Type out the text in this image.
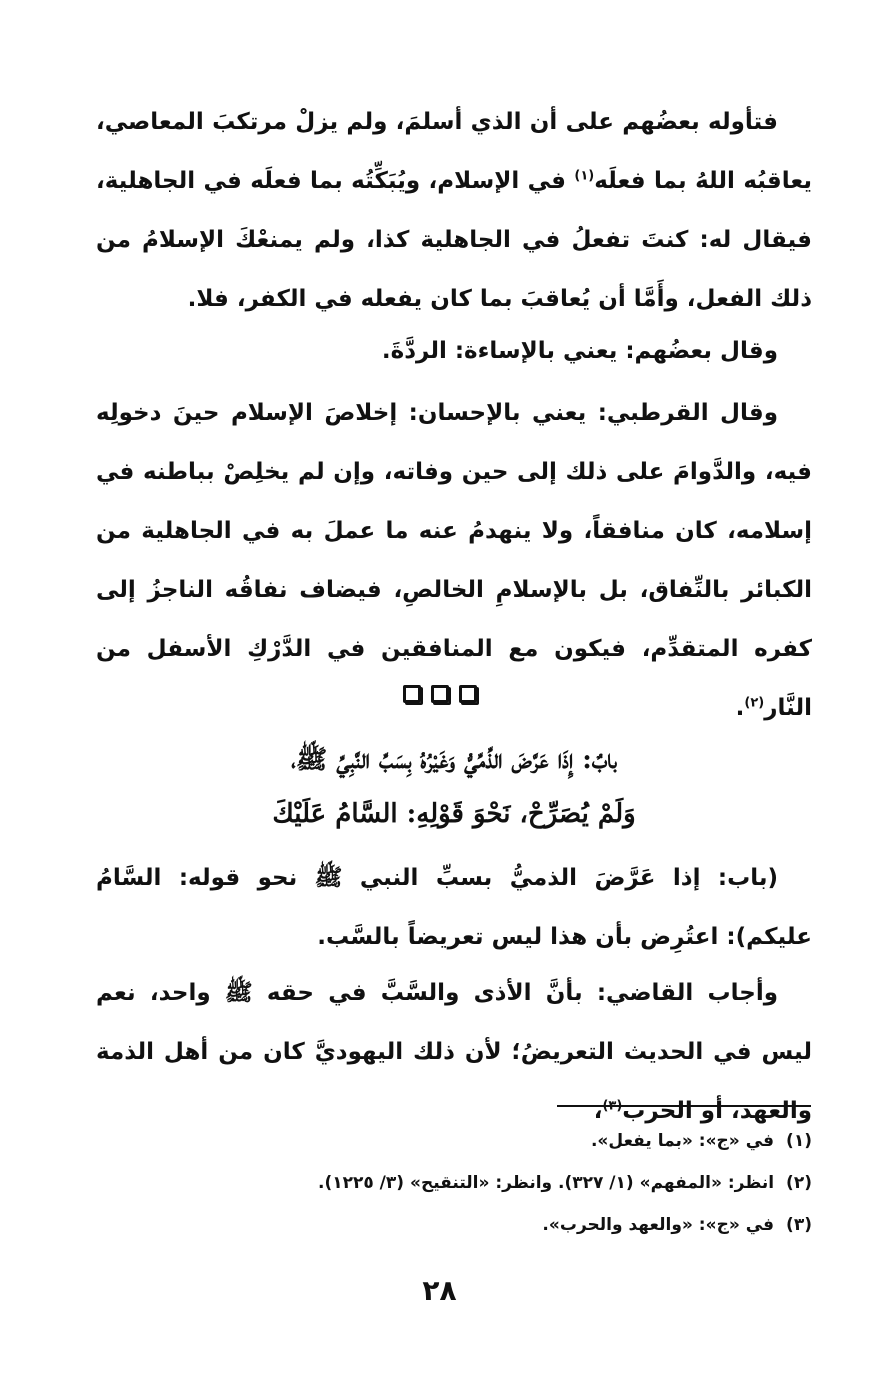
فتأوله بعضُهم على أن الذي أسلمَ، ولم يزلْ مرتكبَ المعاصي، يعاقبُه اللهُ بما فعلَه$^{(١)}$ في الإسلام، ويُبَكِّتُه بما فعلَه في الجاهلية، فيقال له: كنتَ تفعلُ في الجاهلية كذا، ولم يمنعْكَ الإسلامُ من ذلك الفعل، وأَمَّا أن يُعاقبَ بما كان يفعله في الكفر، فلا.

وقال بعضُهم: يعني بالإساءة: الردَّةَ.

وقال القرطبي: يعني بالإحسان: إخلاصَ الإسلام حينَ دخولِه فيه، والدَّوامَ على ذلك إلى حين وفاته، وإن لم يخلِصْ بباطنه في إسلامه، كان منافقاً، ولا ينهدمُ عنه ما عملَ به في الجاهلية من الكبائر بالنِّفاق، بل بالإسلامِ الخالصِ، فيضاف نفاقُه الناجزُ إلى كفره المتقدِّم، فيكون مع المنافقين في الدَّرْكِ الأسفل من النَّار$^{(٢)}$.

بابٌ: إِذَا عَرَّضَ الذِّمِّيُّ وَغَيْرُهُ بِسَبِّ النَّبِيِّ ﷺ،
وَلَمْ يُصَرِّحْ، نَحْوَ قَوْلِهِ: السَّامُ عَلَيْكَ

(باب: إذا عَرَّضَ الذميُّ بسبِّ النبي ﷺ نحو قوله: السَّامُ عليكم): اعتُرِض بأن هذا ليس تعريضاً بالسَّب.

وأجاب القاضي: بأنَّ الأذى والسَّبَّ في حقه ﷺ واحد، نعم ليس في الحديث التعريضُ؛ لأن ذلك اليهوديَّ كان من أهل الذمة والعهد، أو الحرب$^{(٣)}$،

(١)في «ج»: «بما يفعل».

(٢)انظر: «المفهم» (١/ ٣٢٧). وانظر: «التنقيح» (٣/ ١٢٢٥).

(٣)في «ج»: «والعهد والحرب».

٢٨
